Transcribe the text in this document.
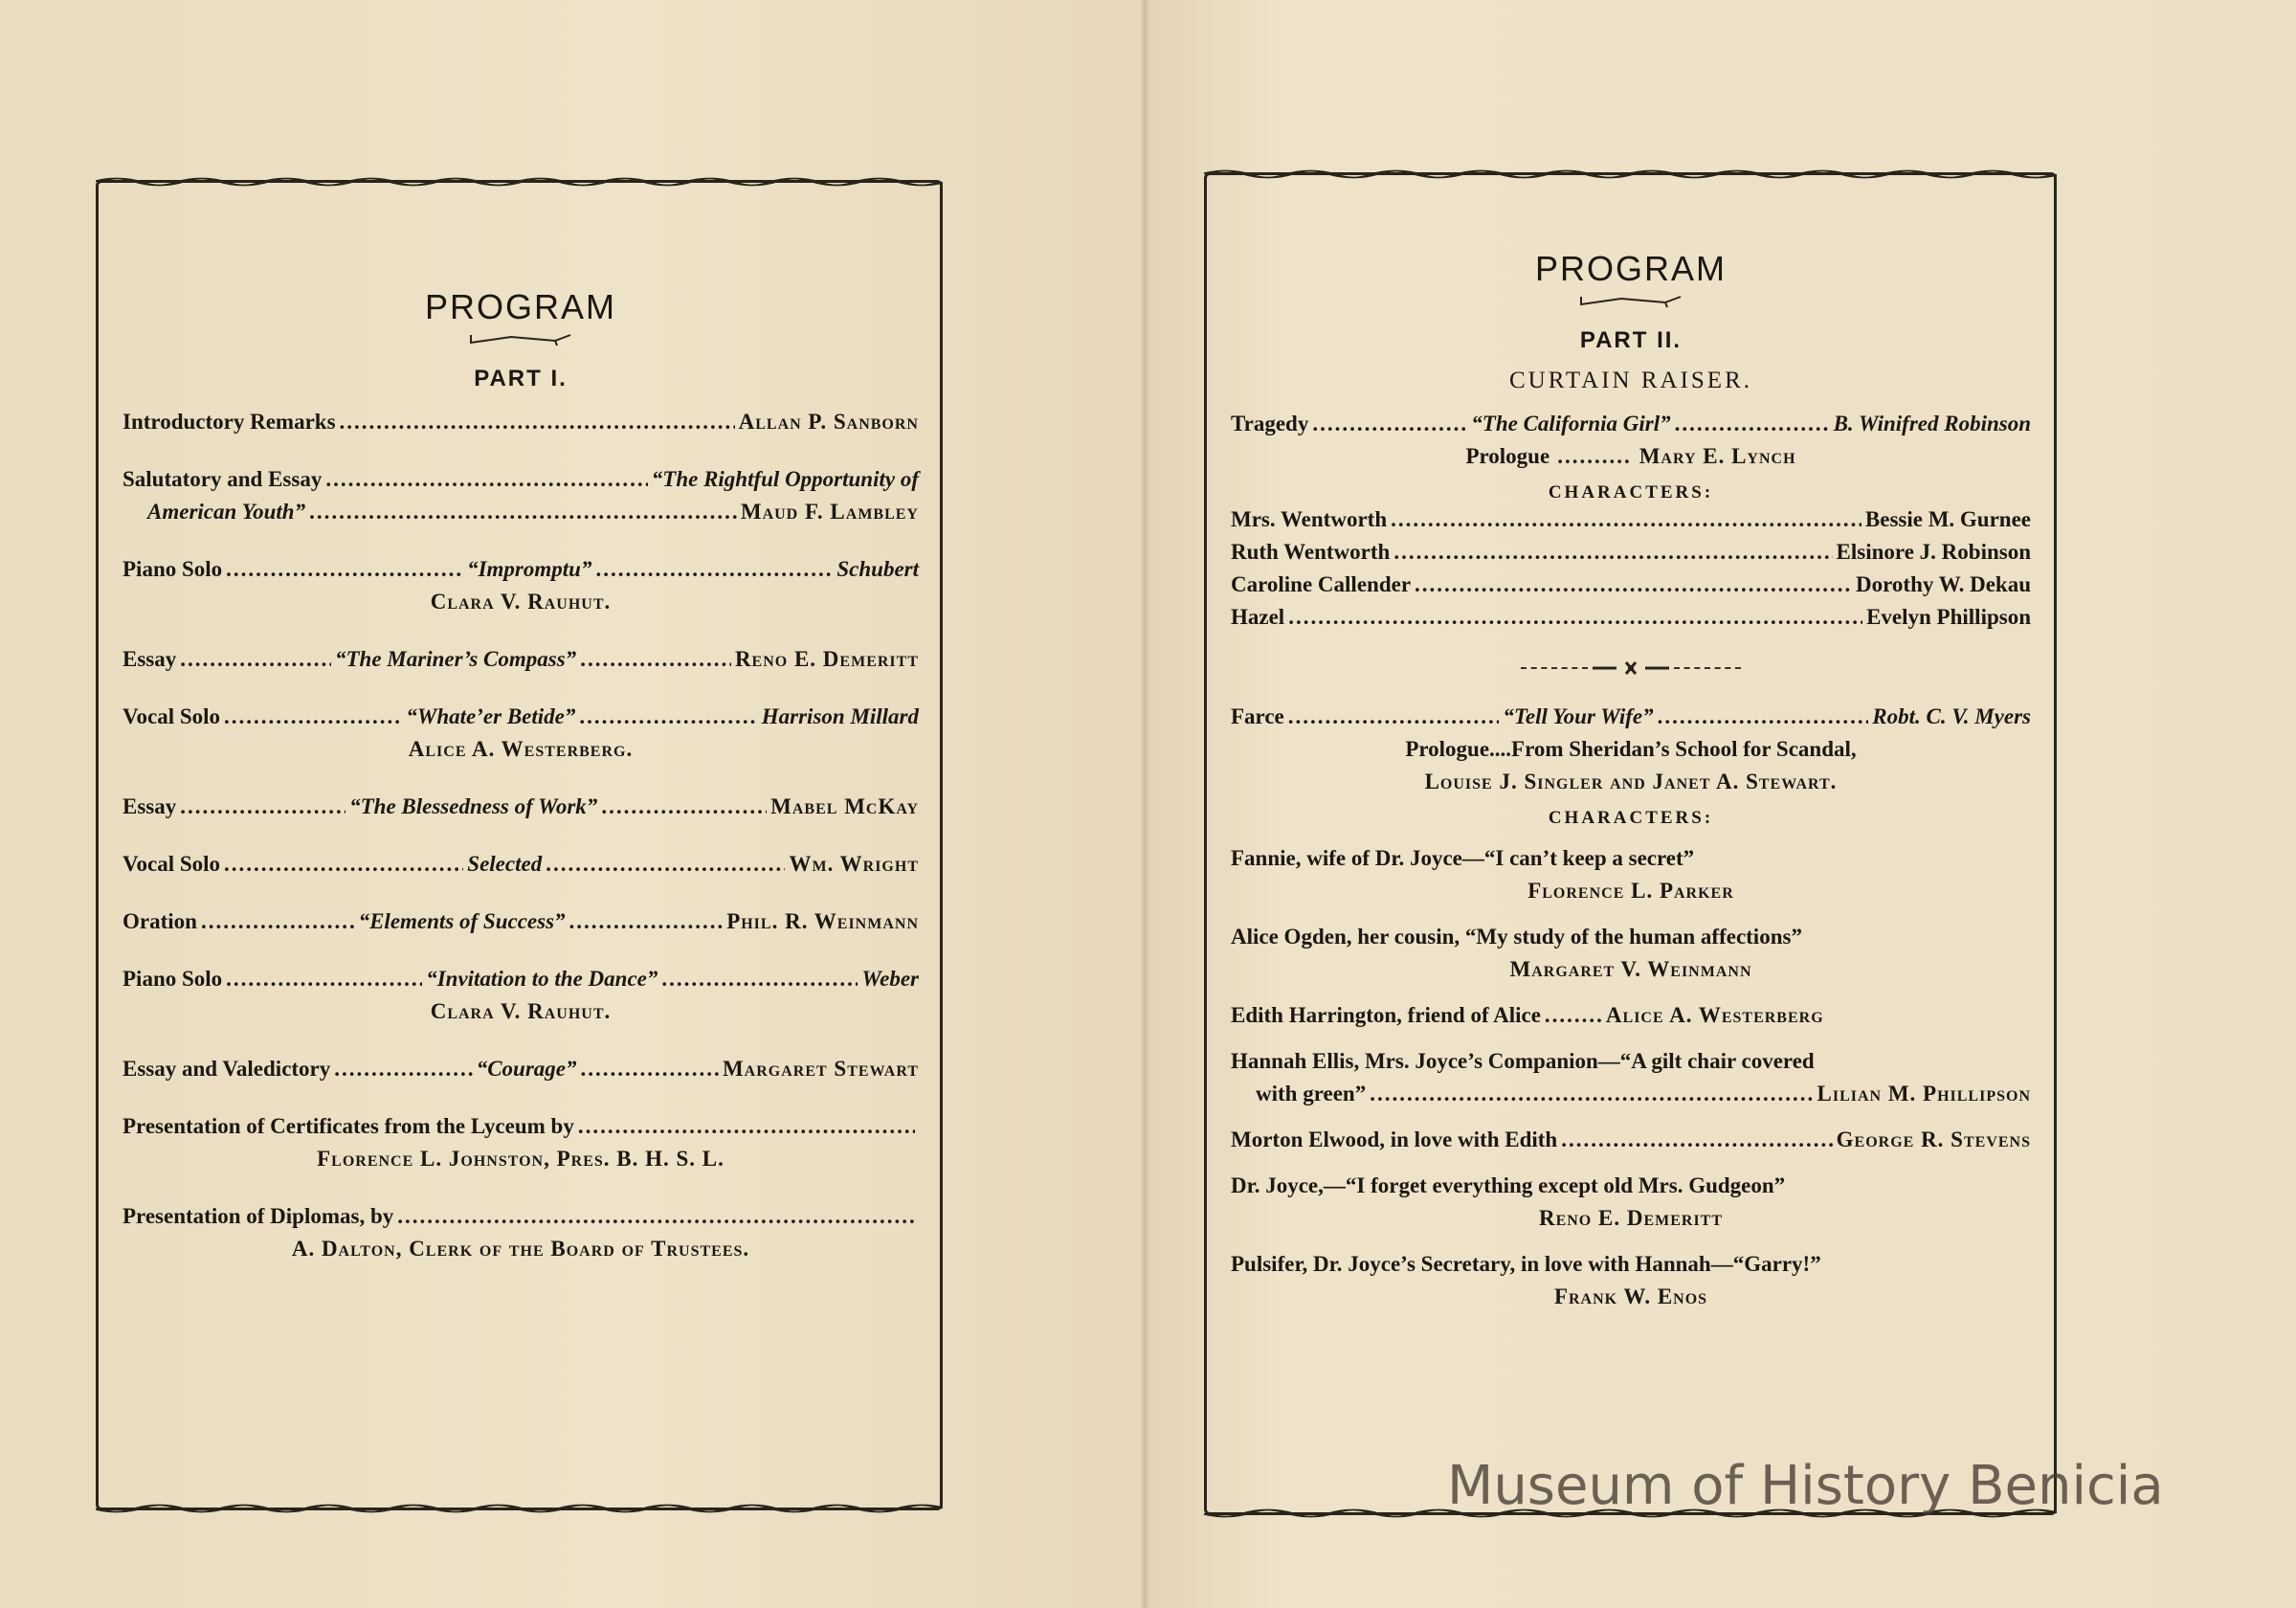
PROGRAM
PART I.
Introductory Remarks .....	Allan P. Sanborn
Salutatory and Essay .....	“The Rightful Opportunity of
American Youth” .....	Maud F. Lambley
Piano Solo .....	“Impromptu” .....	Schubert
Clara V. Rauhut.
Essay .....	“The Mariner’s Compass” .....	Reno E. Demeritt
Vocal Solo .....	“Whate’er Betide” .....	Harrison Millard
Alice A. Westerberg.
Essay .....	“The Blessedness of Work” .....	Mabel McKay
Vocal Solo .....	Selected .....	Wm. Wright
Oration .....	“Elements of Success” .....	Phil. R. Weinmann
Piano Solo .....	“Invitation to the Dance” .....	Weber
Clara V. Rauhut.
Essay and Valedictory .....	“Courage” .....	Margaret Stewart
Presentation of Certificates from the Lyceum by
.....
Florence L. Johnston, Pres. B. H. S. L.
Presentation of Diplomas, by
.....
A. Dalton, Clerk of the Board of Trustees.
PROGRAM
PART II.
CURTAIN RAISER.
Tragedy .....	“The California Girl” .....	B. Winifred Robinson
Prologue .......... Mary E. Lynch
CHARACTERS:
Mrs. Wentworth .....	Bessie M. Gurnee
Ruth Wentworth .....	Elsinore J. Robinson
Caroline Callender .....	Dorothy W. Dekau
Hazel .....	Evelyn Phillipson
Farce .....	“Tell Your Wife” .....	Robt. C. V. Myers
Prologue....From Sheridan’s School for Scandal,
Louise J. Singler and Janet A. Stewart.
CHARACTERS:
Fannie, wife of Dr. Joyce—“I can’t keep a secret”
Florence L. Parker
Alice Ogden, her cousin, “My study of the human affections”
Margaret V. Weinmann
Edith Harrington, friend of Alice .....	Alice A. Westerberg
Hannah Ellis, Mrs. Joyce’s Companion—“A gilt chair covered
with green” .....	Lilian M. Phillipson
Morton Elwood, in love with Edith .....	George R. Stevens
Dr. Joyce,—“I forget everything except old Mrs. Gudgeon”
Reno E. Demeritt
Pulsifer, Dr. Joyce’s Secretary, in love with Hannah—“Garry!”
Frank W. Enos
Museum of History Benicia
